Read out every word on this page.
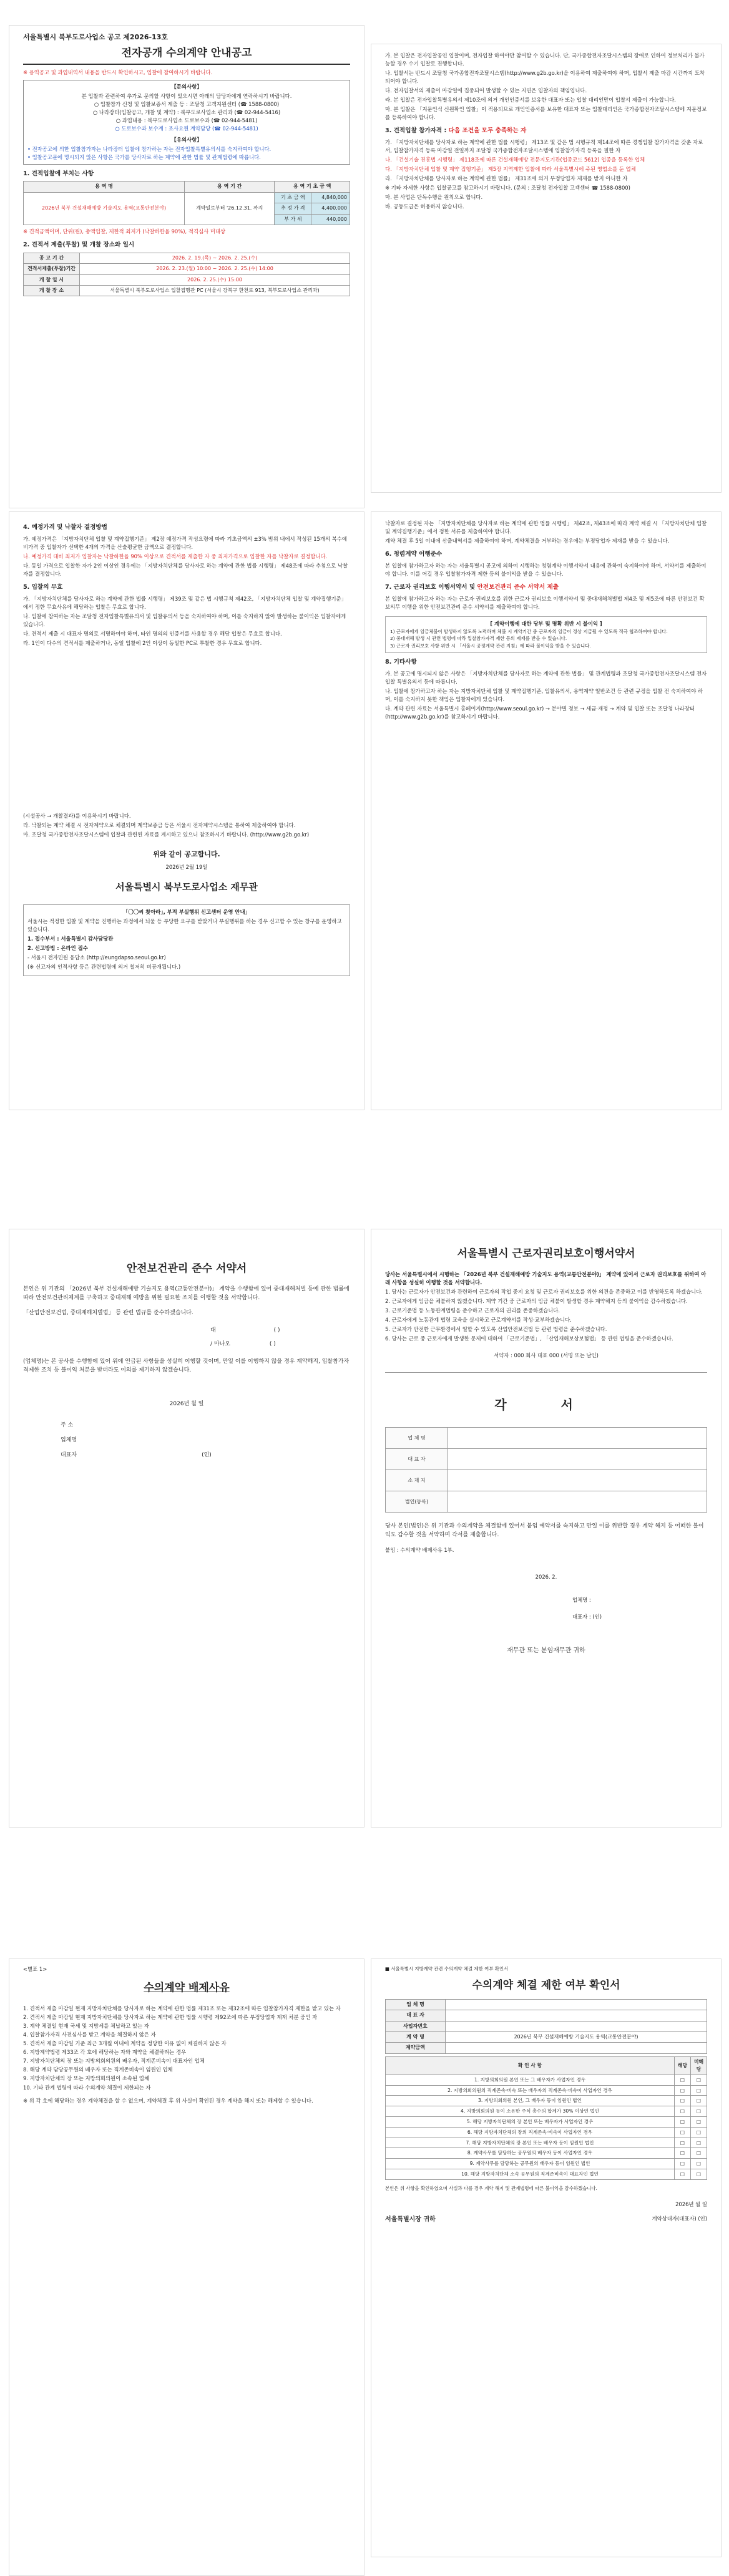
서울특별시 북부도로사업소 공고 제2026-13호
전자공개 수의계약 안내공고
※ 용역공고 및 과업내역서 내용을 반드시 확인하시고, 입찰에 참여하시기 바랍니다.
【문의사항】
본 입찰과 관련하여 추가로 문의할 사항이 있으시면 아래의 담당자에게 연락하시기 바랍니다.
○ 입찰참가 신청 및 입찰보증서 제출 등 : 조달청 고객지원센터 (☎ 1588-0800)
○ 나라장터(입찰공고, 개찰 및 계약) : 북부도로사업소 관리과 (☎ 02-944-5416)
○ 과업내용 : 북부도로사업소 도로보수과 (☎ 02-944-5481)
○ 도로보수과 보수계 : 조사요원 계약담당 (☎ 02-944-5481)
【유의사항】
• 전자공고에 의한 입찰참가자는 나라장터 입찰에 참가하는 자는 전자입찰특별유의서를 숙지하여야 합니다.
• 입찰공고문에 명시되지 않은 사항은 국가를 당사자로 하는 계약에 관한 법률 및 관계법령에 따릅니다.
1. 견적입찰에 부치는 사항
용 역 명	용 역 기 간	용 역 기 초 금 액	
2026년 북부 건설재해예방 기술지도 용역(교통안전분야)	계약일로부터 '26.12.31. 까지	기 초 금 액	4,840,000
		추 정 가 격	4,400,000
		부 가 세	440,000
※ 견적금액이며, 단위(원), 총액입찰, 제한적 최저가 (낙찰하한율 90%), 적격심사 미대상
2. 견적서 제출(투찰) 및 개찰 장소와 일시
공 고 기 간	2026. 2. 19.(목) ~ 2026. 2. 25.(수)
견적서제출(투찰)기간	2026. 2. 23.(월) 10:00 ~ 2026. 2. 25.(수) 14:00
개 찰 일 시	2026. 2. 25.(수) 15:00
개 찰 장 소	서울특별시 북부도로사업소 입찰집행관 PC (서울시 강북구 한천로 913, 북부도로사업소 관리과)
가. 본 입찰은 전자입찰공인 입찰이며, 전자입찰 하여야만 참여할 수 있습니다. 단, 국가종합전자조달시스템의 장애로 인하여 정보처리가 불가능할 경우 수기 입찰로 진행합니다.
나. 입찰서는 반드시 조달청 국가종합전자조달시스템(http://www.g2b.go.kr)을 이용하여 제출하여야 하며, 입찰서 제출 마감 시간까지 도착되어야 합니다.
다. 전자입찰서의 제출이 마감일에 집중되어 발생할 수 있는 지연은 입찰자의 책임입니다.
라. 본 입찰은 전자입찰특별유의서 제10조에 의거 개인인증서를 보유한 대표자 또는 입찰 대리인만이 입찰서 제출이 가능합니다.
마. 본 입찰은 「지문인식 신원확인 입찰」이 적용되므로 개인인증서를 보유한 대표자 또는 입찰대리인은 국가종합전자조달시스템에 지문정보를 등록하여야 합니다.
3. 견적입찰 참가자격 : 다음 조건을 모두 충족하는 자
가. 「지방자치단체를 당사자로 하는 계약에 관한 법률 시행령」 제13조 및 같은 법 시행규칙 제14조에 따른 경쟁입찰 참가자격을 갖춘 자로서, 입찰참가자격 등록 마감일 전일까지 조달청 국가종합전자조달시스템에 입찰참가자격 등록을 필한 자
나. 「건설기술 진흥법 시행령」 제118조에 따른 건설재해예방 전문지도기관(업종코드 5612) 업종을 등록한 업체
다. 「지방자치단체 입찰 및 계약 집행기준」 제5장 지역제한 입찰에 따라 서울특별시에 주된 영업소를 둔 업체
라. 「지방자치단체를 당사자로 하는 계약에 관한 법률」 제31조에 의거 부정당업자 제재를 받지 아니한 자
※ 기타 자세한 사항은 입찰공고를 참고하시기 바랍니다. (문의 : 조달청 전자입찰 고객센터 ☎ 1588-0800)
마. 본 사업은 단독수행을 원칙으로 합니다.
바. 공동도급은 허용하지 않습니다.
4. 예정가격 및 낙찰자 결정방법
가. 예정가격은 「지방자치단체 입찰 및 계약집행기준」 제2장 예정가격 작성요령에 따라 기초금액의 ±3% 범위 내에서 작성된 15개의 복수예비가격 중 입찰자가 선택한 4개의 가격을 산술평균한 금액으로 결정합니다.
나. 예정가격 대비 최저가 입찰자는 낙찰하한율 90% 이상으로 견적서를 제출한 자 중 최저가격으로 입찰한 자를 낙찰자로 결정합니다.
다. 동일 가격으로 입찰한 자가 2인 이상인 경우에는 「지방자치단체를 당사자로 하는 계약에 관한 법률 시행령」 제48조에 따라 추첨으로 낙찰자를 결정합니다.
5. 입찰의 무효
가. 「지방자치단체를 당사자로 하는 계약에 관한 법률 시행령」 제39조 및 같은 법 시행규칙 제42조, 「지방자치단체 입찰 및 계약집행기준」에서 정한 무효사유에 해당하는 입찰은 무효로 합니다.
나. 입찰에 참여하는 자는 조달청 전자입찰특별유의서 및 입찰유의서 등을 숙지하여야 하며, 이를 숙지하지 않아 발생하는 불이익은 입찰자에게 있습니다.
다. 견적서 제출 시 대표자 명의로 서명하여야 하며, 타인 명의의 인증서를 사용할 경우 해당 입찰은 무효로 합니다.
라. 1인이 다수의 견적서를 제출하거나, 동일 입찰에 2인 이상이 동일한 PC로 투찰한 경우 무효로 합니다.
(시설공사 → 개찰결과)를 이용하시기 바랍니다.
라. 낙찰되는 계약 체결 시 전자계약으로 체결되며 계약보증금 등은 서울시 전자계약시스템을 통하여 제출하여야 합니다.
마. 조달청 국가종합전자조달시스템에 입찰과 관련된 자료를 게시하고 있으니 참조하시기 바랍니다. (http://www.g2b.go.kr)
위와 같이 공고합니다.
2026년 2월 19일
서울특별시 북부도로사업소 재무관
｢〇〇씨 찾아라｣, 부적 부실행위 신고센터 운영 안내｣
서울시는 적정한 입찰 및 계약을 진행하는 과정에서 뇌물 등 부당한 요구를 받았거나 부실행위를 하는 경우 신고할 수 있는 창구를 운영하고 있습니다.
1. 접수부서 : 서울특별시 감사담당관
2. 신고방법 : 온라인 접수
- 서울시 전자민원 응답소 (http://eungdapso.seoul.go.kr)
(※ 신고자의 인적사항 등은 관련법령에 의거 철저히 비공개됩니다.)
낙찰자로 결정된 자는 「지방자치단체를 당사자로 하는 계약에 관한 법률 시행령」 제42조, 제43조에 따라 계약 체결 시 「지방자치단체 입찰 및 계약집행기준」에서 정한 서류를 제출하여야 합니다.
계약 체결 후 5일 이내에 산출내역서를 제출하여야 하며, 계약체결을 거부하는 경우에는 부정당업자 제재를 받을 수 있습니다.
6. 청렴계약 이행준수
본 입찰에 참가하고자 하는 자는 서울특별시 공고에 의하여 시행하는 청렴계약 이행서약서 내용에 관하여 숙지하여야 하며, 서약서를 제출하여야 합니다. 이를 어길 경우 입찰참가자격 제한 등의 불이익을 받을 수 있습니다.
7. 근로자 권리보호 이행서약서 및 안전보건관리 준수 서약서 제출
본 입찰에 참가하고자 하는 자는 근로자 권리보호를 위한 근로자 권리보호 이행서약서 및 중대재해처벌법 제4조 및 제5조에 따른 안전보건 확보의무 이행을 위한 안전보건관리 준수 서약서를 제출하여야 합니다.
[ 계약이행에 대한 당부 및 명확 위반 시 불이익 ]
1) 근로자에게 임금체불이 발생하지 않도록 노력하며 체불 시 계약기간 중 근로자의 임금이 정상 지급될 수 있도록 적극 협조하여야 합니다.
2) 중대재해 발생 시 관련 법령에 따라 입찰참가자격 제한 등의 제재를 받을 수 있습니다.
3) 근로자 권리보호 사항 위반 시 「서울시 공정계약 관련 지침」에 따라 불이익을 받을 수 있습니다.
8. 기타사항
가. 본 공고에 명시되지 않은 사항은 「지방자치단체를 당사자로 하는 계약에 관한 법률」 및 관계법령과 조달청 국가종합전자조달시스템 전자입찰 특별유의서 등에 따릅니다.
나. 입찰에 참가하고자 하는 자는 지방자치단체 입찰 및 계약집행기준, 입찰유의서, 용역계약 일반조건 등 관련 규정을 입찰 전 숙지하여야 하며, 이를 숙지하지 못한 책임은 입찰자에게 있습니다.
다. 계약 관련 자료는 서울특별시 홈페이지(http://www.seoul.go.kr) → 분야별 정보 → 세금·재정 → 계약 및 입찰 또는 조달청 나라장터(http://www.g2b.go.kr)를 참고하시기 바랍니다.
안전보건관리 준수 서약서
본인은 위 기관의 「2026년 북부 건설재해예방 기술지도 용역(교통안전분야)」 계약을 수행함에 있어 중대재해처벌 등에 관한 법률에 따라 안전보건관리체계를 구축하고 중대재해 예방을 위한 필요한 조치를 이행할 것을 서약합니다.
「산업안전보건법, 중대재해처벌법」 등 관련 법규를 준수하겠습니다.
대	( )
/ 마나오	( )
(업체명)는 본 공사를 수행함에 있어 위에 언급된 사항들을 성실히 이행할 것이며, 만일 이를 이행하지 않을 경우 계약해지, 입찰참가자격제한 조치 등 불이익 처분을 받더라도 이의를 제기하지 않겠습니다.
2026년 월 일
주 소
업체명
대표자	(인)
서울특별시 근로자권리보호이행서약서
당사는 서울특별시에서 시행하는 「2026년 북부 건설재해예방 기술지도 용역(교통안전분야)」 계약에 있어서 근로자 권리보호를 위하여 아래 사항을 성실히 이행할 것을 서약합니다.
1. 당사는 근로자가 안전보건과 관련하여 근로자의 작업 중지 요청 및 근로자 권리보호를 위한 의견을 존중하고 이를 반영하도록 하겠습니다.
2. 근로자에게 임금을 체불하지 않겠습니다. 계약 기간 중 근로자의 임금 체불이 발생할 경우 계약해지 등의 불이익을 감수하겠습니다.
3. 근로기준법 등 노동관계법령을 준수하고 근로자의 권리를 존중하겠습니다.
4. 근로자에게 노동관계 법령 교육을 실시하고 근로계약서를 작성·교부하겠습니다.
5. 근로자가 안전한 근무환경에서 일할 수 있도록 산업안전보건법 등 관련 법령을 준수하겠습니다.
6. 당사는 근로 중 근로자에게 발생한 문제에 대하여 「근로기준법」, 「산업재해보상보험법」 등 관련 법령을 준수하겠습니다.
서약자 : 000 회사 대표 000 (서명 또는 날인)
각 서
업 체 명	
대 표 자	
소 재 지	
법인(등록)	
당사 본인(법인)은 위 기관과 수의계약을 체결함에 있어서 붙임 예약서를 숙지하고 만일 이를 위반할 경우 계약 해지 등 어떠한 불이익도 감수할 것을 서약하며 각서를 제출합니다.
붙임 : 수의계약 배제사유 1부.
2026. 2.
업체명 :
대표자 : (인)
재무관 또는 분임재무관 귀하
<별표 1>
수의계약 배제사유
1. 견적서 제출 마감일 현재 지방자치단체를 당사자로 하는 계약에 관한 법률 제31조 또는 제32조에 따른 입찰참가자격 제한을 받고 있는 자
2. 견적서 제출 마감일 현재 지방자치단체를 당사자로 하는 계약에 관한 법률 시행령 제92조에 따른 부정당업자 제재 처분 중인 자
3. 계약 체결일 현재 국세 및 지방세를 체납하고 있는 자
4. 입찰참가자격 사전심사를 받고 계약을 체결하지 않은 자
5. 견적서 제출 마감일 기준 최근 3개월 이내에 계약을 정당한 이유 없이 체결하지 않은 자
6. 지방계약법령 제33조 각 호에 해당하는 자와 계약을 체결하려는 경우
7. 지방자치단체의 장 또는 지방의회의원의 배우자, 직계존비속이 대표자인 업체
8. 해당 계약 담당공무원의 배우자 또는 직계존비속이 임원인 업체
9. 지방자치단체의 장 또는 지방의회의원이 소속된 업체
10. 기타 관계 법령에 따라 수의계약 체결이 제한되는 자
※ 위 각 호에 해당하는 경우 계약체결을 할 수 없으며, 계약체결 후 위 사실이 확인된 경우 계약을 해지 또는 해제할 수 있습니다.
■ 서울특별시 지방계약 관련 수의계약 체결 제한 여부 확인서
수의계약 체결 제한 여부 확인서
업 체 명	
대 표 자	
사업자번호	
계 약 명	2026년 북부 건설재해예방 기술지도 용역(교통안전분야)
계약금액	
확 인 사 항	해당	미해당
1. 지방의회의원 본인 또는 그 배우자가 사업자인 경우	□	□
2. 지방의회의원의 직계존속·비속 또는 배우자의 직계존속·비속이 사업자인 경우	□	□
3. 지방의회의원 본인, 그 배우자 등이 임원인 법인	□	□
4. 지방의회의원 등이 소유한 주식 총수의 합계가 30% 이상인 법인	□	□
5. 해당 지방자치단체의 장 본인 또는 배우자가 사업자인 경우	□	□
6. 해당 지방자치단체의 장의 직계존속·비속이 사업자인 경우	□	□
7. 해당 지방자치단체의 장 본인 또는 배우자 등이 임원인 법인	□	□
8. 계약사무를 담당하는 공무원의 배우자 등이 사업자인 경우	□	□
9. 계약사무를 담당하는 공무원의 배우자 등이 임원인 법인	□	□
10. 해당 지방자치단체 소속 공무원의 직계존비속이 대표자인 법인	□	□
본인은 위 사항을 확인하였으며 사실과 다를 경우 계약 해지 및 관계법령에 따른 불이익을 감수하겠습니다.
2026년 월 일
서울특별시장 귀하	계약상대자(대표자) (인)
